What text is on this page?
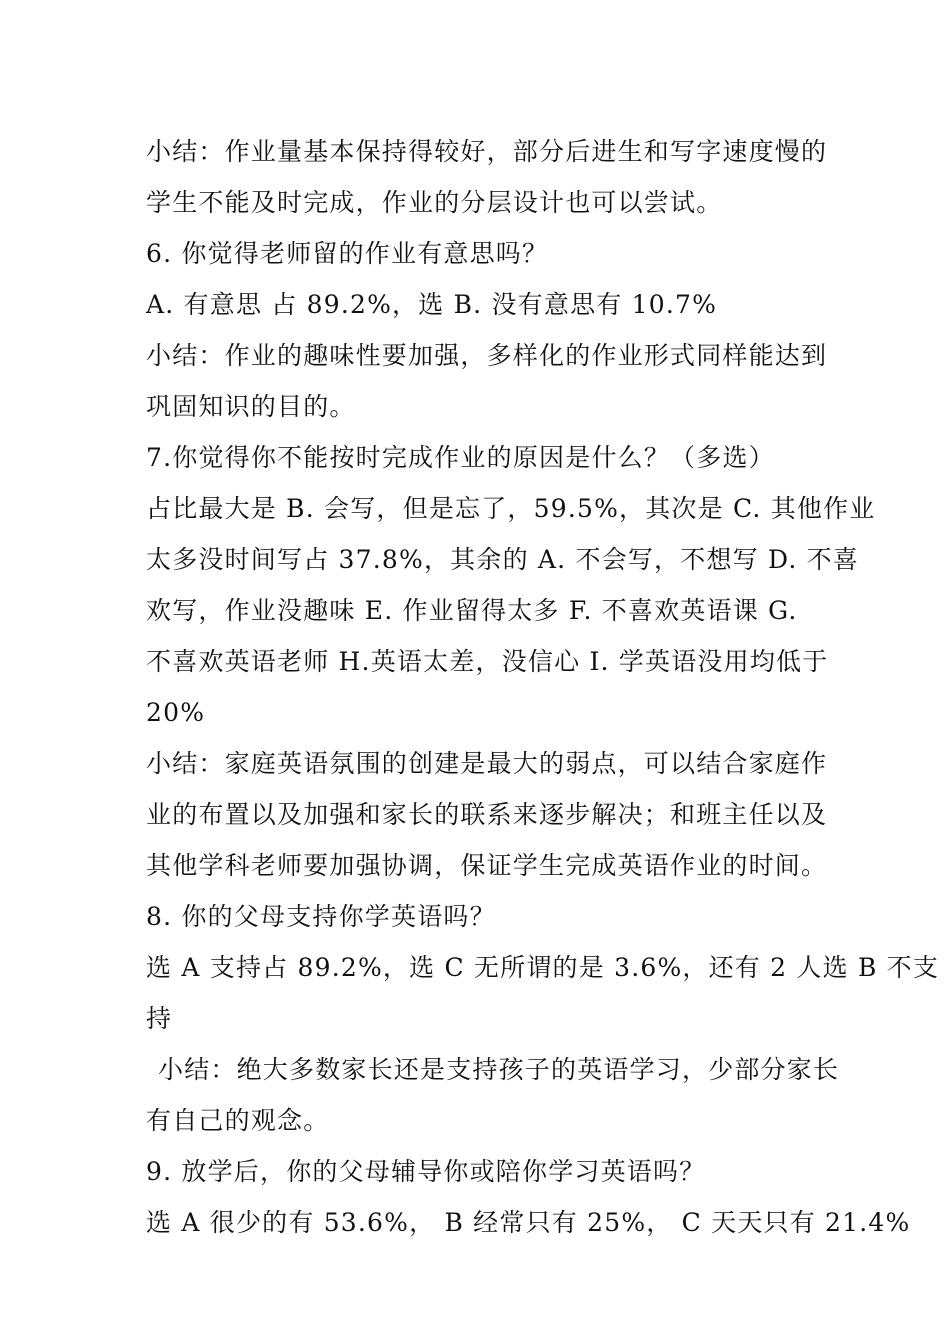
小结：作业量基本保持得较好，部分后进生和写字速度慢的
学生不能及时完成，作业的分层设计也可以尝试。
6. 你觉得老师留的作业有意思吗？
A. 有意思 占 89.2%，选 B. 没有意思有 10.7%
小结：作业的趣味性要加强，多样化的作业形式同样能达到
巩固知识的目的。
7.你觉得你不能按时完成作业的原因是什么？（多选）
占比最大是 B. 会写，但是忘了，59.5%，其次是 C. 其他作业
太多没时间写占 37.8%，其余的 A. 不会写，不想写 D. 不喜
欢写，作业没趣味 E. 作业留得太多 F. 不喜欢英语课 G.
不喜欢英语老师 H.英语太差，没信心 I. 学英语没用均低于
20%
小结：家庭英语氛围的创建是最大的弱点，可以结合家庭作
业的布置以及加强和家长的联系来逐步解决；和班主任以及
其他学科老师要加强协调，保证学生完成英语作业的时间。
8. 你的父母支持你学英语吗？
选 A 支持占 89.2%，选 C 无所谓的是 3.6%，还有 2 人选 B 不支
持
小结：绝大多数家长还是支持孩子的英语学习，少部分家长
有自己的观念。
9. 放学后，你的父母辅导你或陪你学习英语吗？
选 A 很少的有 53.6%， B 经常只有 25%， C 天天只有 21.4%
